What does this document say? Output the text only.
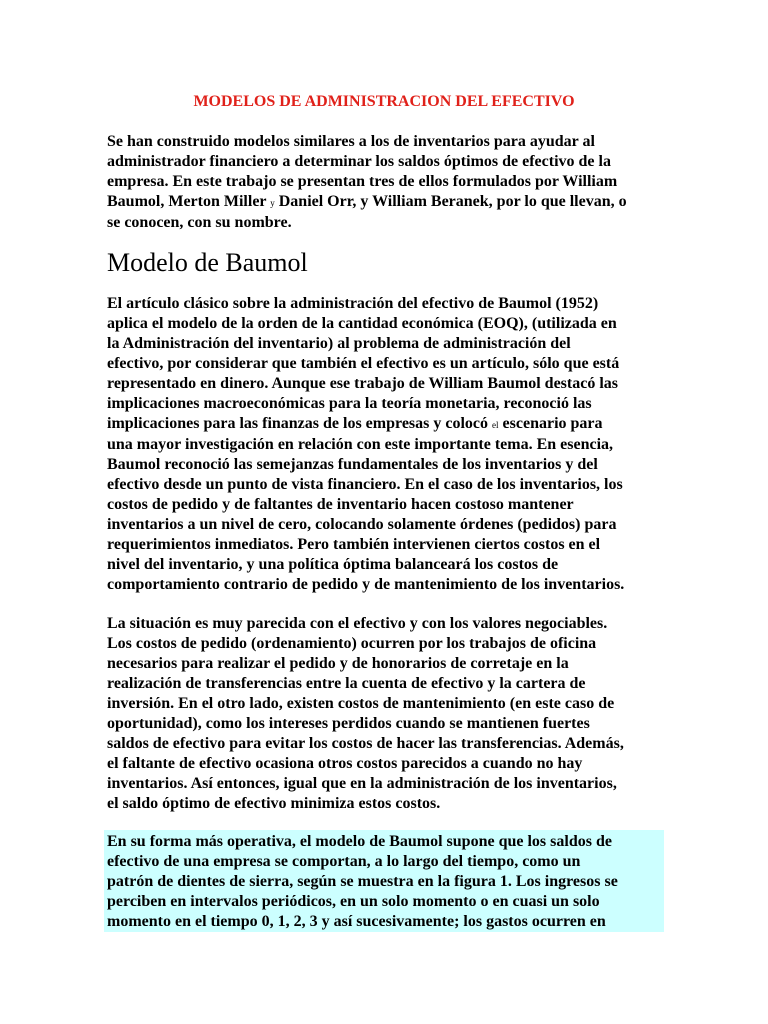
MODELOS DE ADMINISTRACION DEL EFECTIVO
Se han construido modelos similares a los de inventarios para ayudar al
administrador financiero a determinar los saldos óptimos de efectivo de la
empresa. En este trabajo se presentan tres de ellos formulados por William
Baumol, Merton Miller y Daniel Orr, y William Beranek, por lo que llevan, o
se conocen, con su nombre.
Modelo de Baumol
El artículo clásico sobre la administración del efectivo de Baumol (1952)
aplica el modelo de la orden de la cantidad económica (EOQ), (utilizada en
la Administración del inventario) al problema de administración del
efectivo, por considerar que también el efectivo es un artículo, sólo que está
representado en dinero. Aunque ese trabajo de William Baumol destacó las
implicaciones macroeconómicas para la teoría monetaria, reconoció las
implicaciones para las finanzas de los empresas y colocó el escenario para
una mayor investigación en relación con este importante tema. En esencia,
Baumol reconoció las semejanzas fundamentales de los inventarios y del
efectivo desde un punto de vista financiero. En el caso de los inventarios, los
costos de pedido y de faltantes de inventario hacen costoso mantener
inventarios a un nivel de cero, colocando solamente órdenes (pedidos) para
requerimientos inmediatos. Pero también intervienen ciertos costos en el
nivel del inventario, y una política óptima balanceará los costos de
comportamiento contrario de pedido y de mantenimiento de los inventarios.
La situación es muy parecida con el efectivo y con los valores negociables.
Los costos de pedido (ordenamiento) ocurren por los trabajos de oficina
necesarios para realizar el pedido y de honorarios de corretaje en la
realización de transferencias entre la cuenta de efectivo y la cartera de
inversión. En el otro lado, existen costos de mantenimiento (en este caso de
oportunidad), como los intereses perdidos cuando se mantienen fuertes
saldos de efectivo para evitar los costos de hacer las transferencias. Además,
el faltante de efectivo ocasiona otros costos parecidos a cuando no hay
inventarios. Así entonces, igual que en la administración de los inventarios,
el saldo óptimo de efectivo minimiza estos costos.
En su forma más operativa, el modelo de Baumol supone que los saldos de
efectivo de una empresa se comportan, a lo largo del tiempo, como un
patrón de dientes de sierra, según se muestra en la figura 1. Los ingresos se
perciben en intervalos periódicos, en un solo momento o en cuasi un solo
momento en el tiempo 0, 1, 2, 3 y así sucesivamente; los gastos ocurren en
